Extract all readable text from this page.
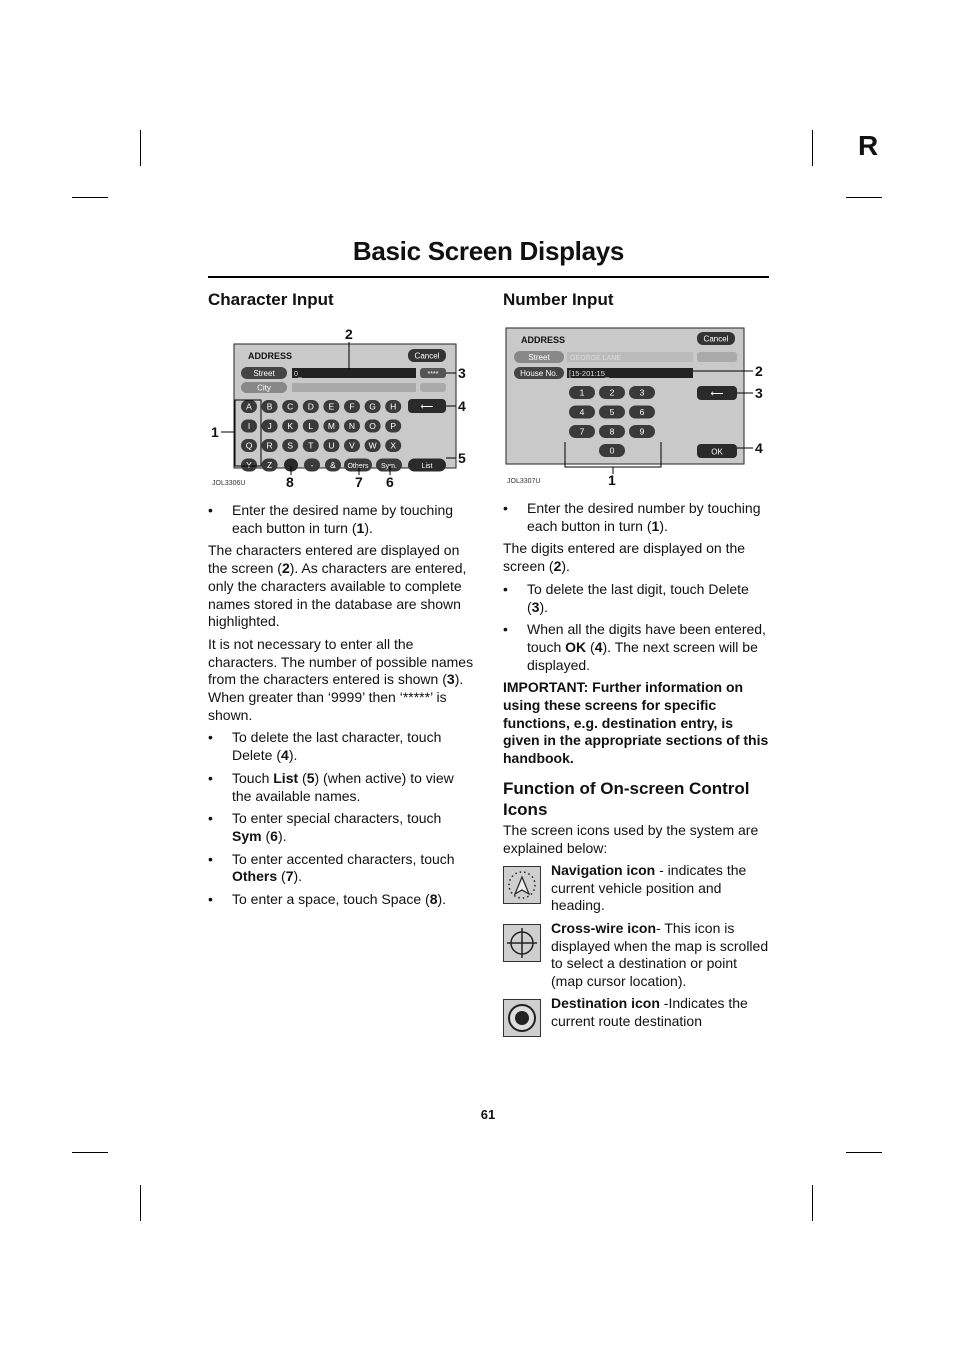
R
Basic Screen Displays
Character Input
ADDRESS	Cancel
Street	0_	****
City
A B C D E F G H
I J K L M N O P
Q R S T U V W X
Y Z	- & Others Sym.	List
⟵
2
3
4
1
5
8	7 6
JOL3306U
• Enter the desired name by touching each button in turn (1).

The characters entered are displayed on the screen (2). As characters are entered, only the characters available to complete names stored in the database are shown highlighted.

It is not necessary to enter all the characters. The number of possible names from the characters entered is shown (3). When greater than ‘9999’ then ‘*****’ is shown.

• To delete the last character, touch Delete (4).
• Touch List (5) (when active) to view the available names.
• To enter special characters, touch Sym (6).
• To enter accented characters, touch Others (7).
• To enter a space, touch Space (8).
Number Input
ADDRESS	Cancel
Street	GEORGE LANE
House No. [15-201:15_
1	2	3
4	5	6
7	8	9
0
⟵
OK
2
3
4
1
JOL3307U
• Enter the desired number by touching each button in turn (1).

The digits entered are displayed on the screen (2).

• To delete the last digit, touch Delete (3).
• When all the digits have been entered, touch OK (4). The next screen will be displayed.

IMPORTANT: Further information on using these screens for specific functions, e.g. destination entry, is given in the appropriate sections of this handbook.

Function of On-screen Control Icons

The screen icons used by the system are explained below:

Navigation icon - indicates the current vehicle position and heading.
Cross-wire icon- This icon is displayed when the map is scrolled to select a destination or point (map cursor location).
Destination icon -Indicates the current route destination
61
